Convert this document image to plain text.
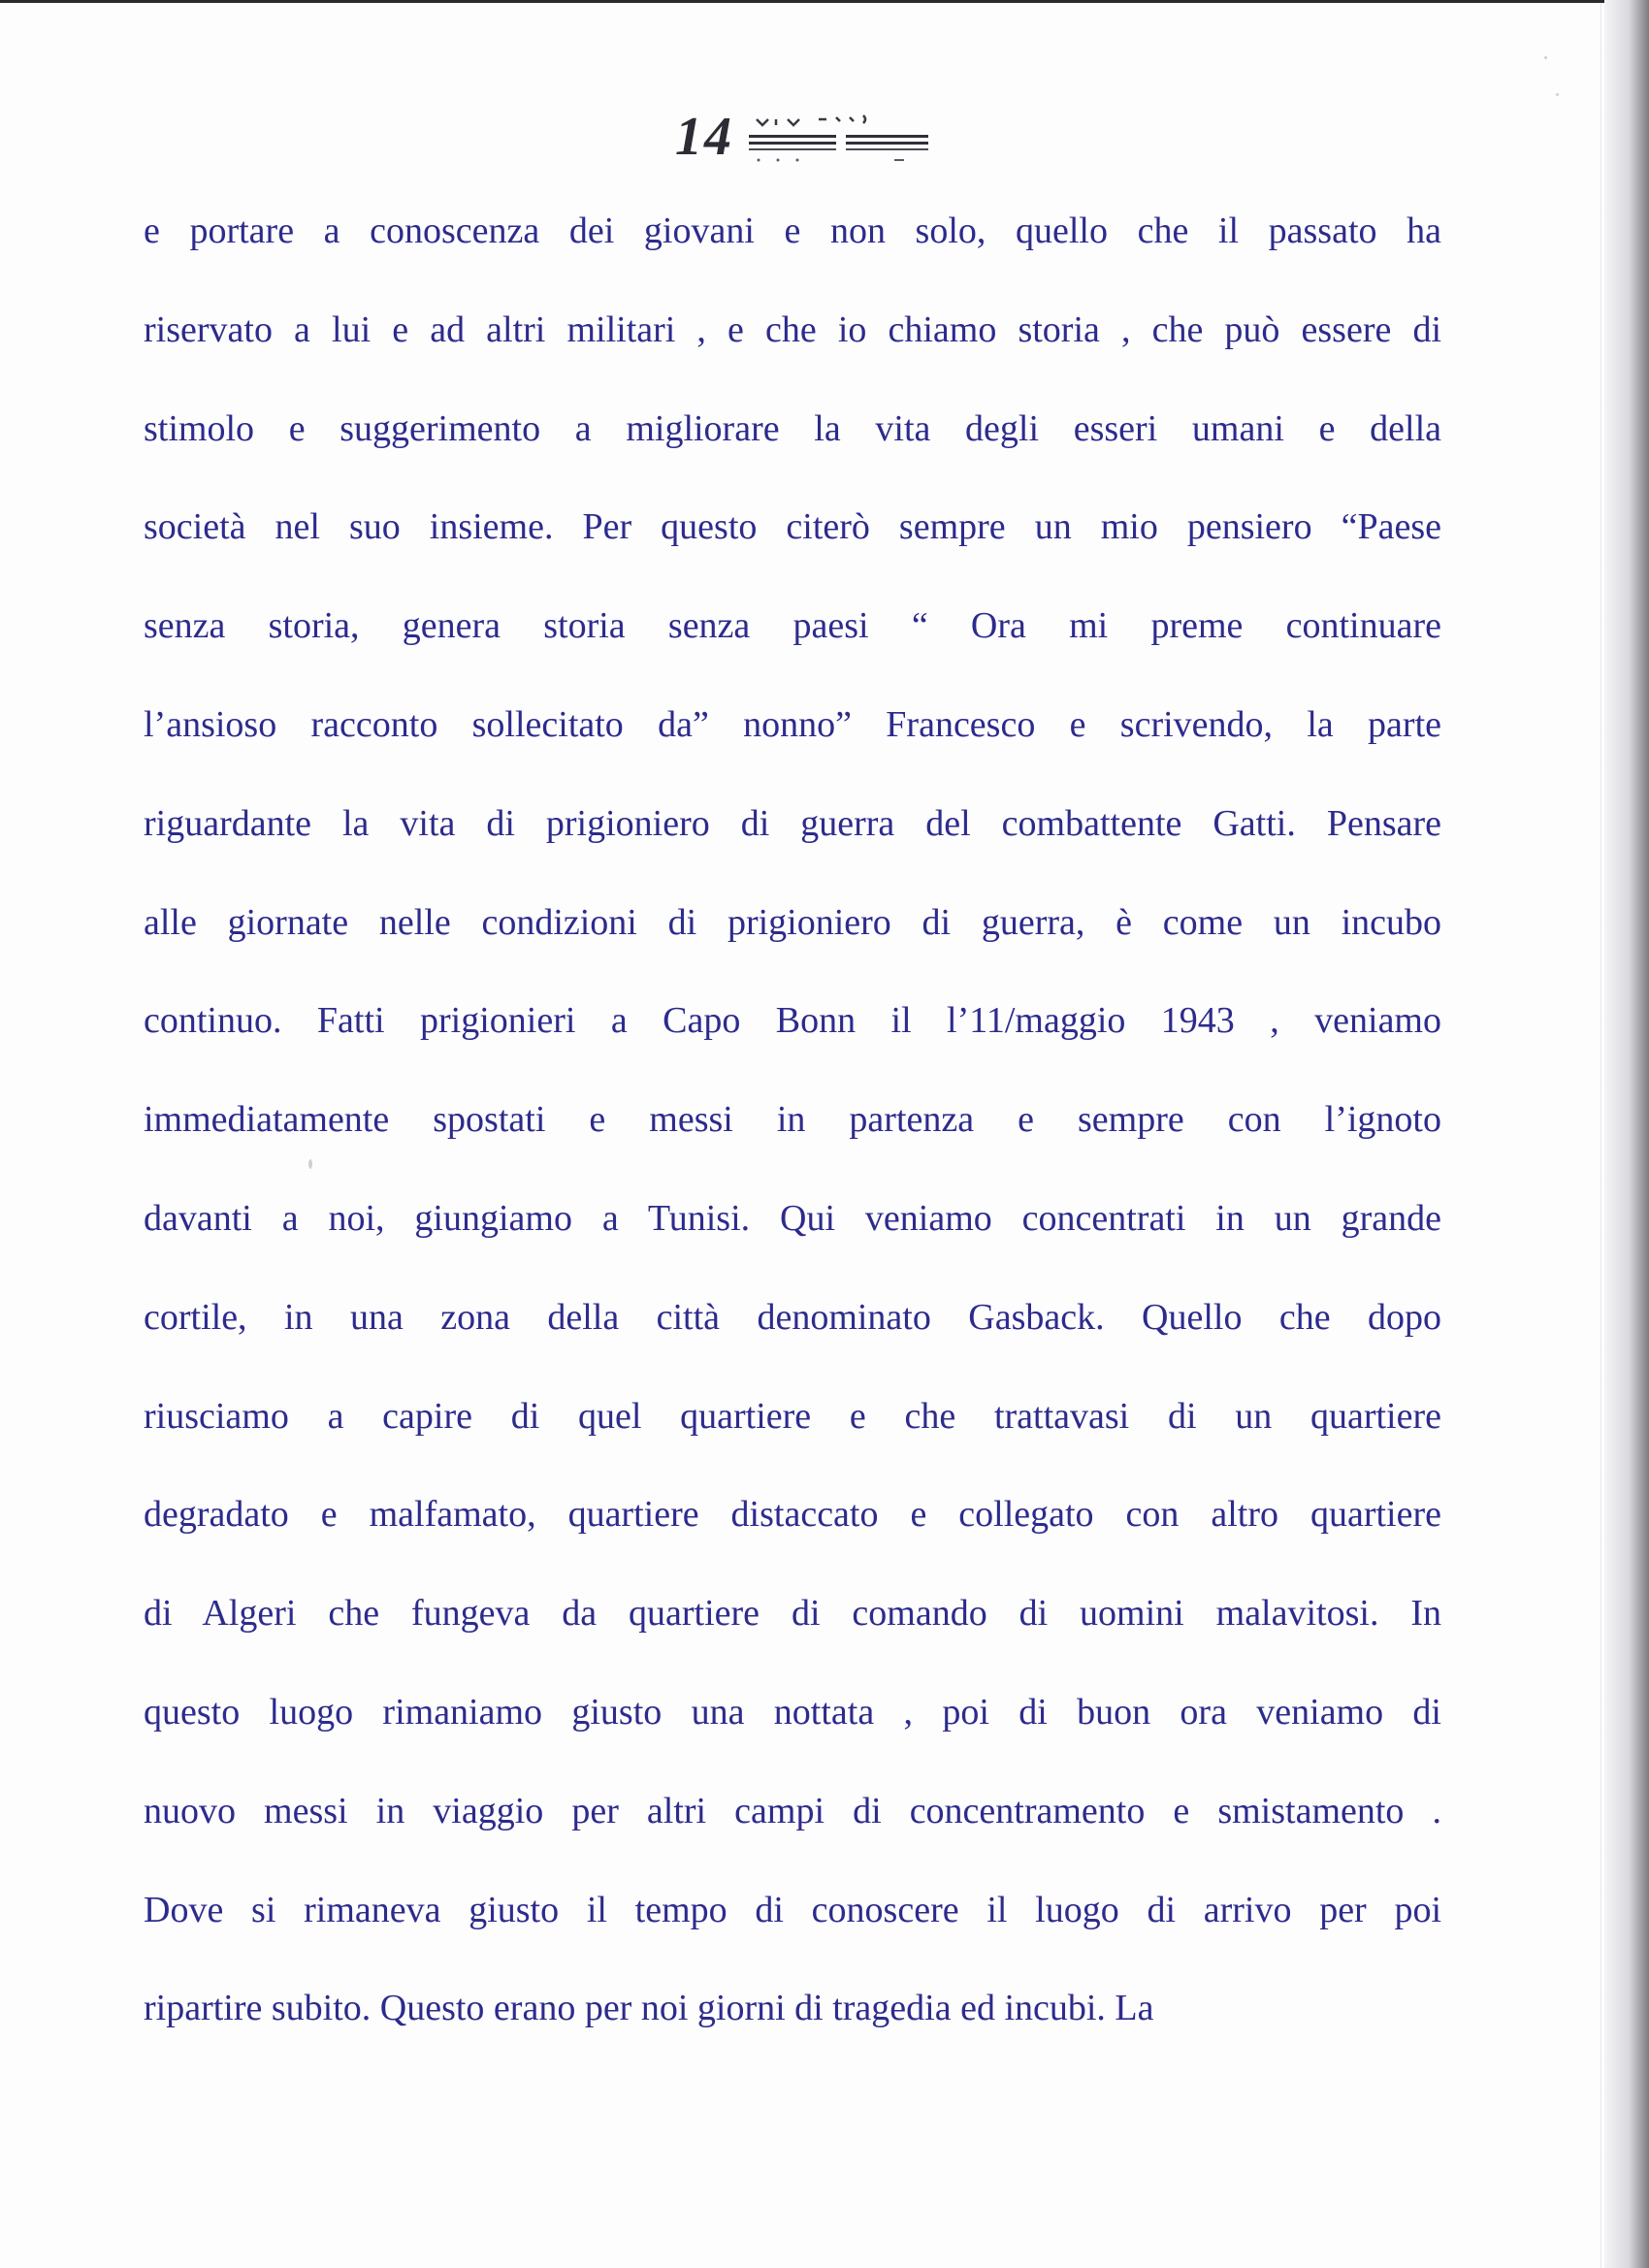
14
e portare a conoscenza dei giovani e non solo, quello che il passato ha
riservato a lui e ad altri militari , e che io chiamo storia , che può essere di
stimolo e suggerimento a migliorare la vita degli esseri umani e della
società nel suo insieme. Per questo citerò sempre un mio pensiero “Paese
senza storia, genera storia senza paesi “ Ora mi preme continuare
l’ansioso racconto sollecitato da” nonno” Francesco e scrivendo, la parte
riguardante la vita di prigioniero di guerra del combattente Gatti. Pensare
alle giornate nelle condizioni di prigioniero di guerra, è come un incubo
continuo. Fatti prigionieri a Capo Bonn il l’11/maggio 1943 , veniamo
immediatamente spostati e messi in partenza e sempre con l’ignoto
davanti a noi, giungiamo a Tunisi. Qui veniamo concentrati in un grande
cortile, in una zona della città denominato Gasback. Quello che dopo
riusciamo a capire di quel quartiere e che trattavasi di un quartiere
degradato e malfamato, quartiere distaccato e collegato con altro quartiere
di Algeri che fungeva da quartiere di comando di uomini malavitosi. In
questo luogo rimaniamo giusto una nottata , poi di buon ora veniamo di
nuovo messi in viaggio per altri campi di concentramento e smistamento .
Dove si rimaneva giusto il tempo di conoscere il luogo di arrivo per poi
ripartire subito. Questo erano per noi giorni di tragedia ed incubi. La
